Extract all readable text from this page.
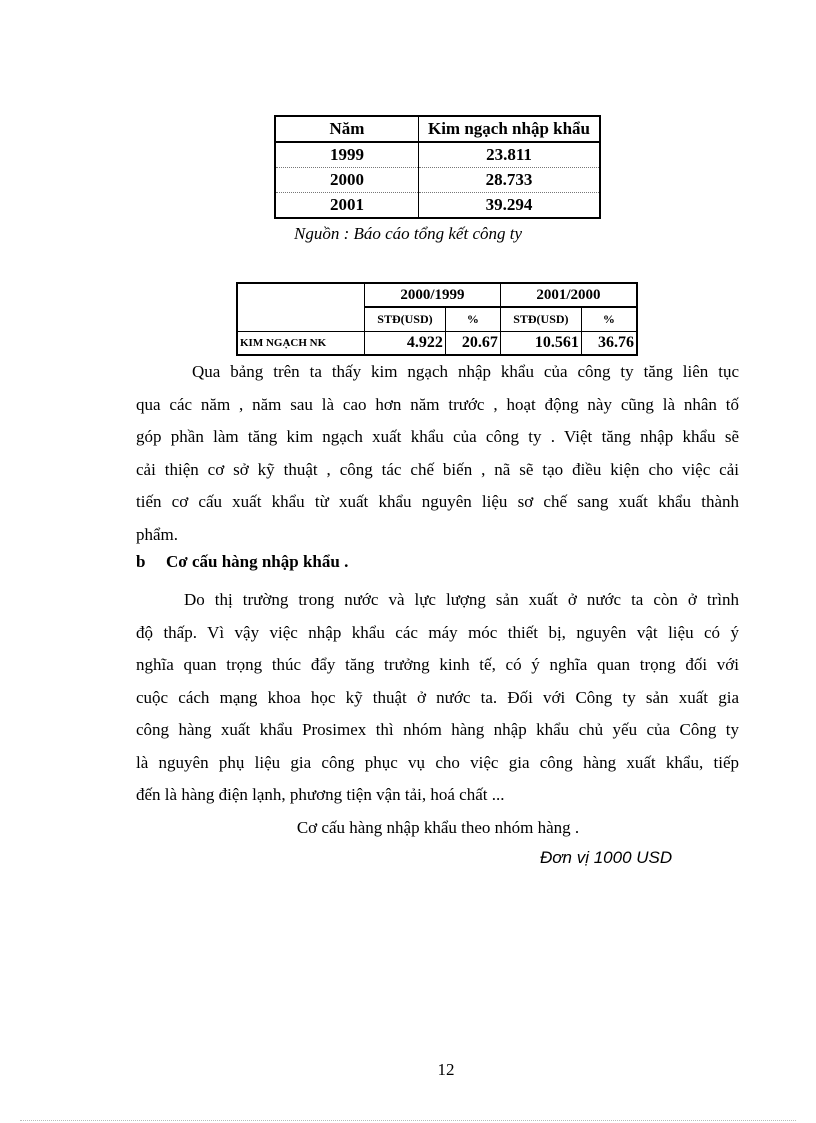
Năm	Kim ngạch nhập khẩu
1999	23.811
2000	28.733
2001	39.294
Nguồn : Báo cáo tổng kết công ty
	2000/1999		2001/2000	
	STĐ(USD)	%	STĐ(USD)	%
KIM NGẠCH NK	4.922	20.67	10.561	36.76
Qua bảng trên ta thấy kim ngạch nhập khẩu của công ty tăng liên tục
qua các năm , năm sau là cao hơn năm trước , hoạt động này cũng là nhân tố
góp phần làm tăng kim ngạch xuất khẩu của công ty . Việt tăng nhập khẩu sẽ
cải thiện cơ sở kỹ thuật , công tác chế biến , nã sẽ tạo điều kiện cho việc cải
tiến cơ cấu xuất khẩu từ xuất khẩu nguyên liệu sơ chế sang xuất khẩu thành
phẩm.
b Cơ cấu hàng nhập khẩu .
Do thị trường trong nước và lực lượng sản xuất ở nước ta còn ở trình
độ thấp. Vì vậy việc nhập khẩu các máy móc thiết bị, nguyên vật liệu có ý
nghĩa quan trọng thúc đẩy tăng trưởng kinh tế, có ý nghĩa quan trọng đối với
cuộc cách mạng khoa học kỹ thuật ở nước ta. Đối với Công ty sản xuất gia
công hàng xuất khẩu Prosimex thì nhóm hàng nhập khẩu chủ yếu của Công ty
là nguyên phụ liệu gia công phục vụ cho việc gia công hàng xuất khẩu, tiếp
đến là hàng điện lạnh, phương tiện vận tải, hoá chất ...
Cơ cấu hàng nhập khẩu theo nhóm hàng .
Đơn vị 1000 USD
12
